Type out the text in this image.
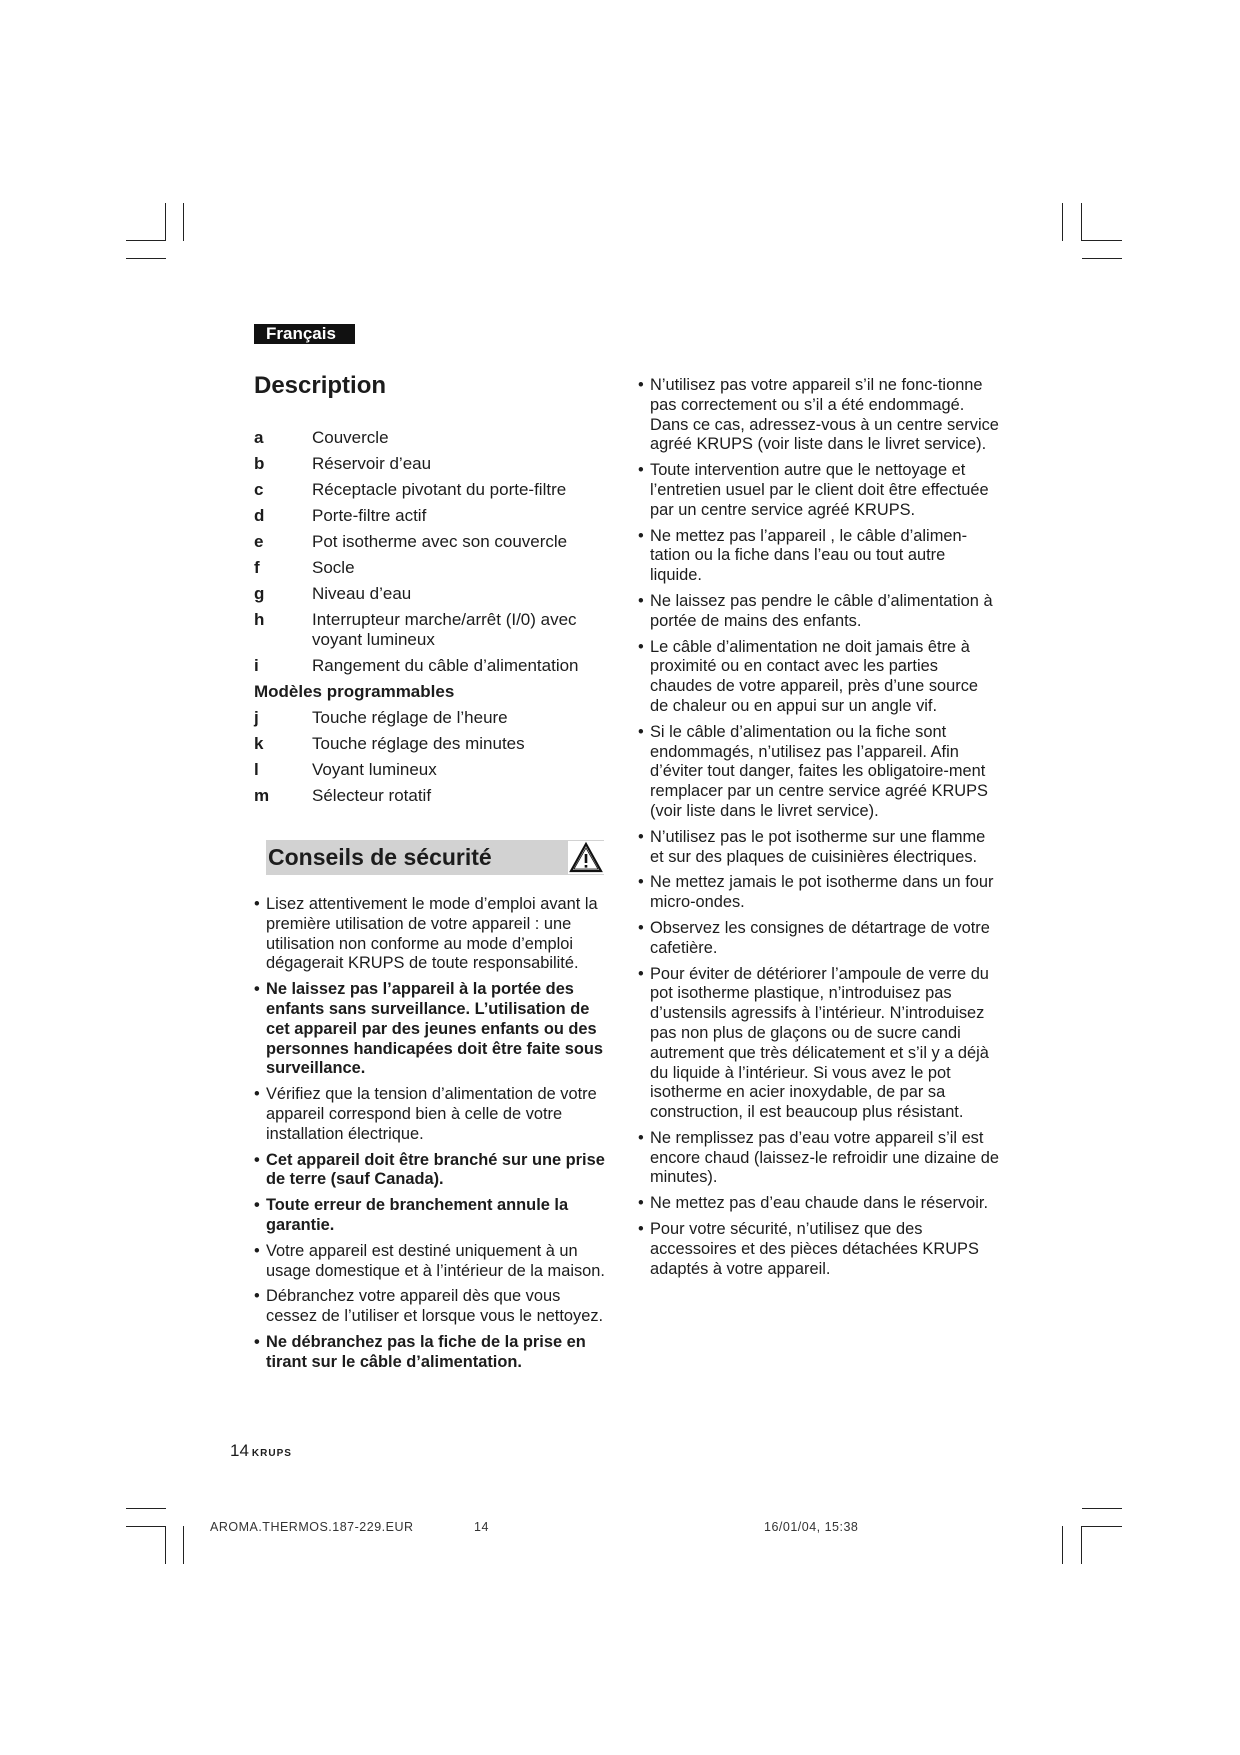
Français
Description
a	Couvercle
b	Réservoir d’eau
c	Réceptacle pivotant du porte-filtre
d	Porte-filtre actif
e	Pot isotherme avec son couvercle
f	Socle
g	Niveau d’eau
h	Interrupteur marche/arrêt (I/0) avec voyant lumineux
i	Rangement du câble d’alimentation
Modèles programmables
j	Touche réglage de l’heure
k	Touche réglage des minutes
l	Voyant lumineux
m	Sélecteur rotatif
Conseils de sécurité
• Lisez attentivement le mode d’emploi avant la première utilisation de votre appareil : une utilisation non conforme au mode d’emploi dégagerait KRUPS de toute responsabilité.
• Ne laissez pas l’appareil à la portée des enfants sans surveillance. L’utilisation de cet appareil par des jeunes enfants ou des personnes handicapées doit être faite sous surveillance.
• Vérifiez que la tension d’alimentation de votre appareil correspond bien à celle de votre installation électrique.
• Cet appareil doit être branché sur une prise de terre (sauf Canada).
• Toute erreur de branchement annule la garantie.
• Votre appareil est destiné uniquement à un usage domestique et à l’intérieur de la maison.
• Débranchez votre appareil dès que vous cessez de l’utiliser et lorsque vous le nettoyez.
• Ne débranchez pas la fiche de la prise en tirant sur le câble d’alimentation.
• N’utilisez pas votre appareil s’il ne fonc-tionne pas correctement ou s’il a été endommagé. Dans ce cas, adressez-vous à un centre service agréé KRUPS (voir liste dans le livret service).
• Toute intervention autre que le nettoyage et l’entretien usuel par le client doit être effectuée par un centre service agréé KRUPS.
• Ne mettez pas l’appareil , le câble d’alimen-tation ou la fiche dans l’eau ou tout autre liquide.
• Ne laissez pas pendre le câble d’alimentation à portée de mains des enfants.
• Le câble d’alimentation ne doit jamais être à proximité ou en contact avec les parties chaudes de votre appareil, près d’une source de chaleur ou en appui sur un angle vif.
• Si le câble d’alimentation ou la fiche sont endommagés, n’utilisez pas l’appareil. Afin d’éviter tout danger, faites les obligatoire-ment remplacer par un centre service agréé KRUPS (voir liste dans le livret service).
• N’utilisez pas le pot isotherme sur une flamme et sur des plaques de cuisinières électriques.
• Ne mettez jamais le pot isotherme dans un four micro-ondes.
• Observez les consignes de détartrage de votre cafetière.
• Pour éviter de détériorer l’ampoule de verre du pot isotherme plastique, n’introduisez pas d’ustensils agressifs à l’intérieur. N’introduisez pas non plus de glaçons ou de sucre candi autrement que très délicatement et s’il y a déjà du liquide à l’intérieur. Si vous avez le pot isotherme en acier inoxydable, de par sa construction, il est beaucoup plus résistant.
• Ne remplissez pas d’eau votre appareil s’il est encore chaud (laissez-le refroidir une dizaine de minutes).
• Ne mettez pas d’eau chaude dans le réservoir.
• Pour votre sécurité, n’utilisez que des accessoires et des pièces détachées KRUPS adaptés à votre appareil.
14 KRUPS
AROMA.THERMOS.187-229.EUR	14	16/01/04, 15:38
